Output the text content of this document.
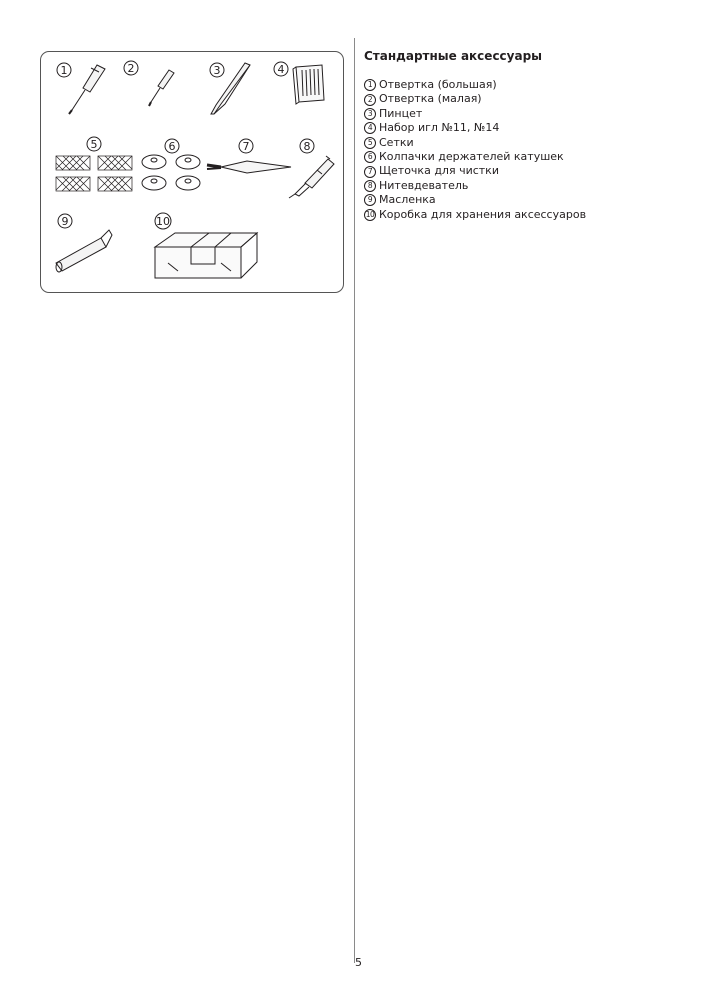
1	2	3	4
5	6	7	8
9	10
Стандартные аксессуары
1 Отвертка (большая)
2 Отвертка (малая)
3 Пинцет
4 Набор игл №11, №14
5 Сетки
6 Колпачки держателей катушек
7 Щеточка для чистки
8 Нитевдеватель
9 Масленка
10 Коробка для хранения аксессуаров
5
